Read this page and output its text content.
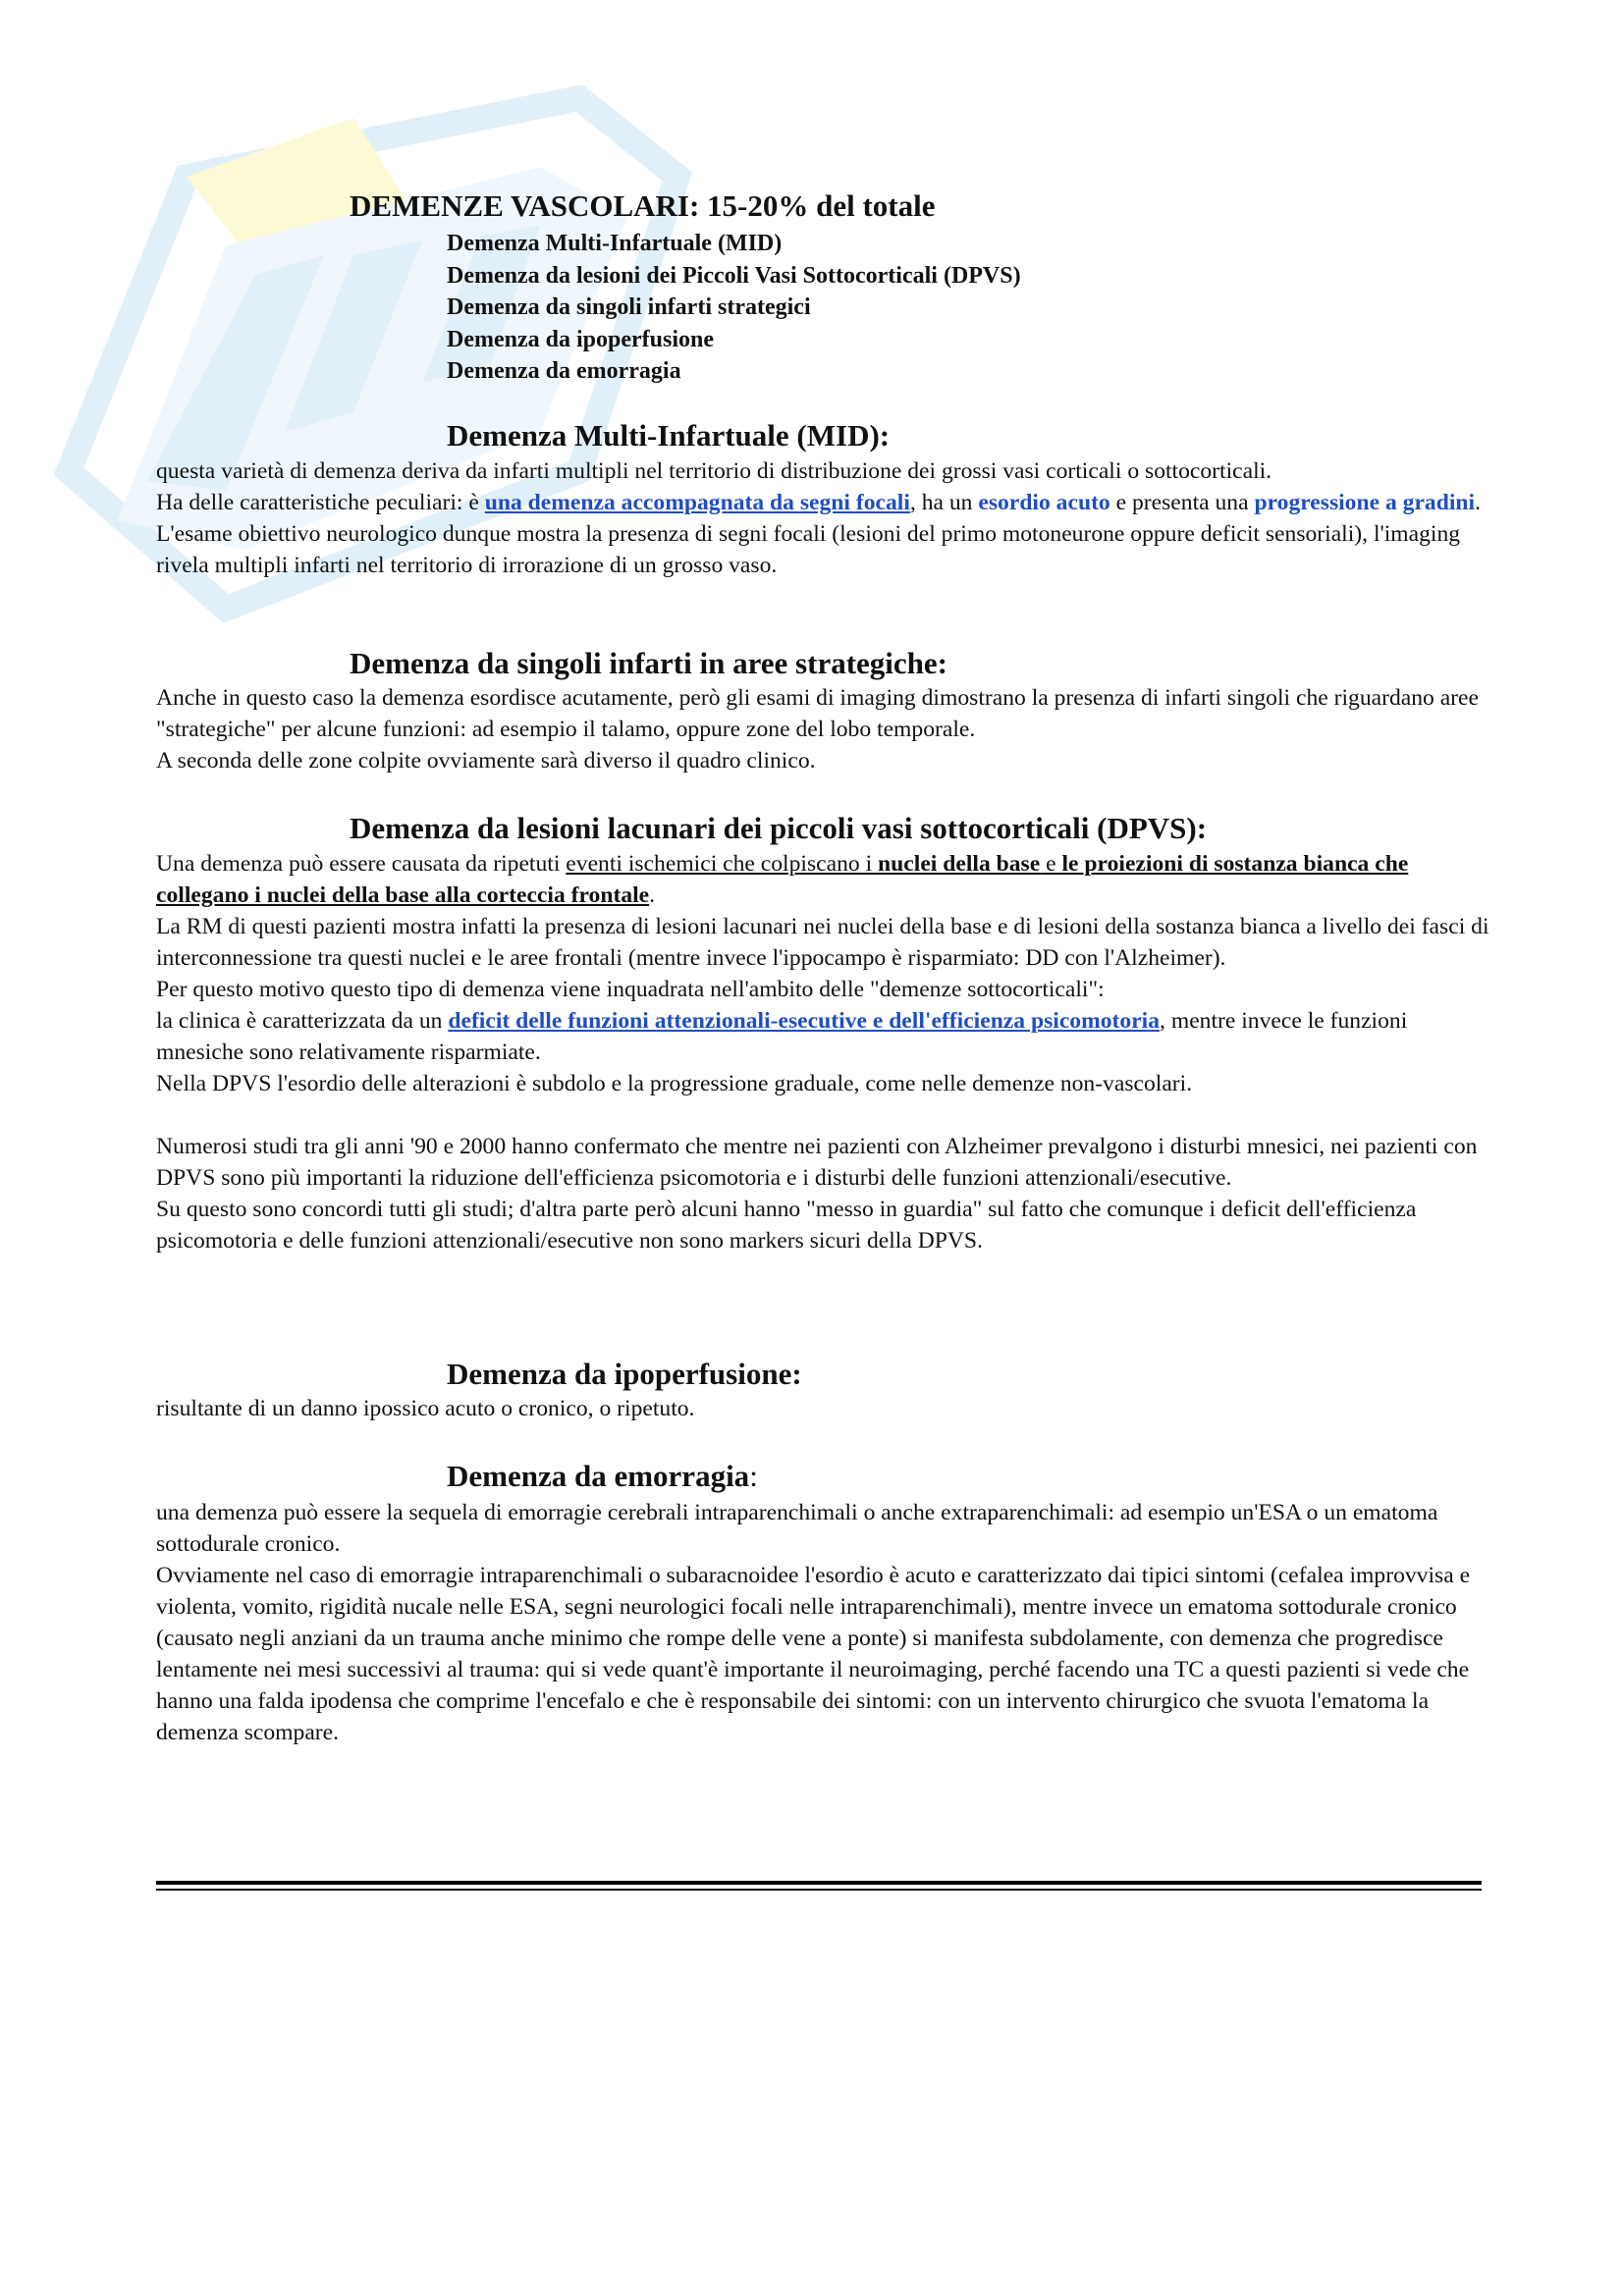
DEMENZE VASCOLARI: 15-20% del totale
Demenza Multi-Infartuale (MID)
Demenza da lesioni dei Piccoli Vasi Sottocorticali (DPVS)
Demenza da singoli infarti strategici
Demenza da ipoperfusione
Demenza da emorragia
Demenza Multi-Infartuale (MID):

questa varietà di demenza deriva da infarti multipli nel territorio di distribuzione dei grossi vasi corticali o sottocorticali.

Ha delle caratteristiche peculiari: è una demenza accompagnata da segni focali, ha un esordio acuto e presenta una progressione a gradini.

L'esame obiettivo neurologico dunque mostra la presenza di segni focali (lesioni del primo motoneurone oppure deficit sensoriali), l'imaging rivela multipli infarti nel territorio di irrorazione di un grosso vaso.

Demenza da singoli infarti in aree strategiche:

Anche in questo caso la demenza esordisce acutamente, però gli esami di imaging dimostrano la presenza di infarti singoli che riguardano aree "strategiche" per alcune funzioni: ad esempio il talamo, oppure zone del lobo temporale.

A seconda delle zone colpite ovviamente sarà diverso il quadro clinico.

Demenza da lesioni lacunari dei piccoli vasi sottocorticali (DPVS):

Una demenza può essere causata da ripetuti eventi ischemici che colpiscano i nuclei della base e le proiezioni di sostanza bianca che collegano i nuclei della base alla corteccia frontale.

La RM di questi pazienti mostra infatti la presenza di lesioni lacunari nei nuclei della base e di lesioni della sostanza bianca a livello dei fasci di interconnessione tra questi nuclei e le aree frontali (mentre invece l'ippocampo è risparmiato: DD con l'Alzheimer).

Per questo motivo questo tipo di demenza viene inquadrata nell'ambito delle "demenze sottocorticali":

la clinica è caratterizzata da un deficit delle funzioni attenzionali-esecutive e dell'efficienza psicomotoria, mentre invece le funzioni mnesiche sono relativamente risparmiate.

Nella DPVS l'esordio delle alterazioni è subdolo e la progressione graduale, come nelle demenze non-vascolari.

Numerosi studi tra gli anni '90 e 2000 hanno confermato che mentre nei pazienti con Alzheimer prevalgono i disturbi mnesici, nei pazienti con DPVS sono più importanti la riduzione dell'efficienza psicomotoria e i disturbi delle funzioni attenzionali/esecutive.

Su questo sono concordi tutti gli studi; d'altra parte però alcuni hanno "messo in guardia" sul fatto che comunque i deficit dell'efficienza psicomotoria e delle funzioni attenzionali/esecutive non sono markers sicuri della DPVS.

Demenza da ipoperfusione:

risultante di un danno ipossico acuto o cronico, o ripetuto.

Demenza da emorragia:

una demenza può essere la sequela di emorragie cerebrali intraparenchimali o anche extraparenchimali: ad esempio un'ESA o un ematoma sottodurale cronico.

Ovviamente nel caso di emorragie intraparenchimali o subaracnoidee l'esordio è acuto e caratterizzato dai tipici sintomi (cefalea improvvisa e violenta, vomito, rigidità nucale nelle ESA, segni neurologici focali nelle intraparenchimali), mentre invece un ematoma sottodurale cronico (causato negli anziani da un trauma anche minimo che rompe delle vene a ponte) si manifesta subdolamente, con demenza che progredisce lentamente nei mesi successivi al trauma: qui si vede quant'è importante il neuroimaging, perché facendo una TC a questi pazienti si vede che hanno una falda ipodensa che comprime l'encefalo e che è responsabile dei sintomi: con un intervento chirurgico che svuota l'ematoma la demenza scompare.
